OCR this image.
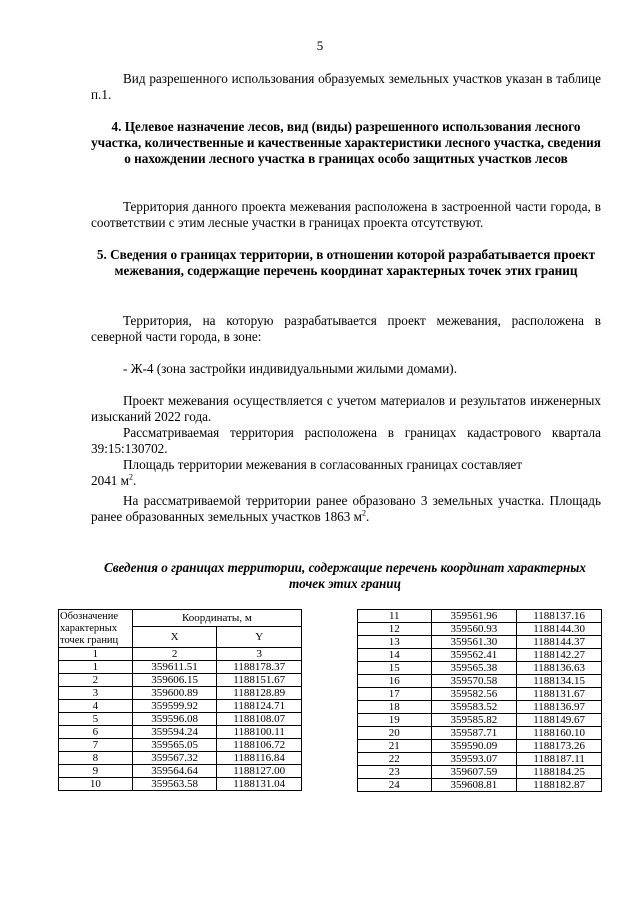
5
Вид разрешенного использования образуемых земельных участков указан в таблице п.1.
4. Целевое назначение лесов, вид (виды) разрешенного использования лесного участка, количественные и качественные характеристики лесного участка, сведения о нахождении лесного участка в границах особо защитных участков лесов
Территория данного проекта межевания расположена в застроенной части города, в соответствии с этим лесные участки в границах проекта отсутствуют.
5. Сведения о границах территории, в отношении которой разрабатывается проект межевания, содержащие перечень координат характерных точек этих границ
Территория, на которую разрабатывается проект межевания, расположена в северной части города, в зоне:
- Ж-4 (зона застройки индивидуальными жилыми домами).
Проект межевания осуществляется с учетом материалов и результатов инженерных изысканий 2022 года.
Рассматриваемая территория расположена в границах кадастрового квартала 39:15:130702.
Площадь территории межевания в согласованных границах составляет
2041 $м^2$.
На рассматриваемой территории ранее образовано 3 земельных участка. Площадь ранее образованных земельных участков 1863 $м^2$.
Сведения о границах территории, содержащие перечень координат характерных точек этих границ
Обозначение
характерных
точек границ	Координаты, м	
	X	Y
1	2	3
1	359611.51	1188178.37
2	359606.15	1188151.67
3	359600.89	1188128.89
4	359599.92	1188124.71
5	359596.08	1188108.07
6	359594.24	1188100.11
7	359565.05	1188106.72
8	359567.32	1188116.84
9	359564.64	1188127.00
10	359563.58	1188131.04
11	359561.96	1188137.16
12	359560.93	1188144.30
13	359561.30	1188144.37
14	359562.41	1188142.27
15	359565.38	1188136.63
16	359570.58	1188134.15
17	359582.56	1188131.67
18	359583.52	1188136.97
19	359585.82	1188149.67
20	359587.71	1188160.10
21	359590.09	1188173.26
22	359593.07	1188187.11
23	359607.59	1188184.25
24	359608.81	1188182.87
